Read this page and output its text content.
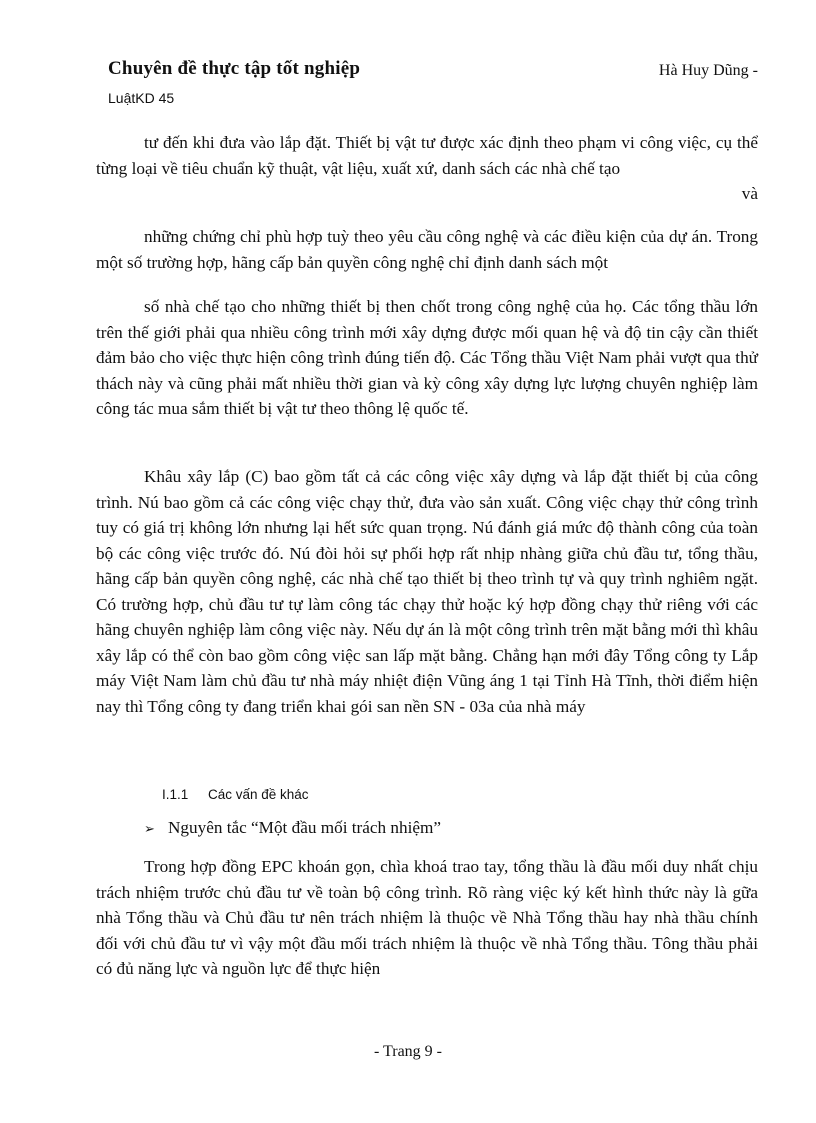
Chuyên đề thực tập tốt nghiệp	Hà Huy Dũng -
LuậtKD 45
tư đến khi đưa vào lắp đặt. Thiết bị vật tư được xác định theo phạm vi công việc, cụ thể từng loại về tiêu chuẩn kỹ thuật, vật liệu, xuất xứ, danh sách các nhà chế tạo
và
những chứng chỉ phù hợp tuỳ theo yêu cầu công nghệ và các điều kiện của dự án. Trong một số trường hợp, hãng cấp bản quyền công nghệ chỉ định danh sách một
số nhà chế tạo cho những thiết bị then chốt trong công nghệ của họ. Các tổng thầu lớn trên thế giới phải qua nhiều công trình mới xây dựng được mối quan hệ và độ tin cậy cần thiết đảm bảo cho việc thực hiện công trình đúng tiến độ. Các Tổng thầu Việt Nam phải vượt qua thử thách này và cũng phải mất nhiều thời gian và kỳ công xây dựng lực lượng chuyên nghiệp làm công tác mua sắm thiết bị vật tư theo thông lệ quốc tế.
Khâu xây lắp (C) bao gồm tất cả các công việc xây dựng và lắp đặt thiết bị của công trình. Nú bao gồm cả các công việc chạy thử, đưa vào sản xuất. Công việc chạy thử công trình tuy có giá trị không lớn nhưng lại hết sức quan trọng. Nú đánh giá mức độ thành công của toàn bộ các công việc trước đó. Nú đòi hỏi sự phối hợp rất nhịp nhàng giữa chủ đầu tư, tổng thầu, hãng cấp bản quyền công nghệ, các nhà chế tạo thiết bị theo trình tự và quy trình nghiêm ngặt. Có trường hợp, chủ đầu tư tự làm công tác chạy thử hoặc ký hợp đồng chạy thử riêng với các hãng chuyên nghiệp làm công việc này. Nếu dự án là một công trình trên mặt bằng mới thì khâu xây lắp có thể còn bao gồm công việc san lấp mặt bằng. Chẳng hạn mới đây Tổng công ty Lắp máy Việt Nam làm chủ đầu tư nhà máy nhiệt điện Vũng áng 1 tại Tỉnh Hà Tĩnh, thời điểm hiện nay thì Tổng công ty đang triển khai gói san nền SN - 03a của nhà máy
I.1.1 Các vấn đề khác
➢ Nguyên tắc “Một đầu mối trách nhiệm”
Trong hợp đồng EPC khoán gọn, chìa khoá trao tay, tổng thầu là đầu mối duy nhất chịu trách nhiệm trước chủ đầu tư về toàn bộ công trình. Rõ ràng việc ký kết hình thức này là gữa nhà Tổng thầu và Chủ đầu tư nên trách nhiệm là thuộc về Nhà Tổng thầu hay nhà thầu chính đối với chủ đầu tư vì vậy một đầu mối trách nhiệm là thuộc về nhà Tổng thầu. Tông thầu phải có đủ năng lực và nguồn lực để thực hiện
- Trang 9 -
